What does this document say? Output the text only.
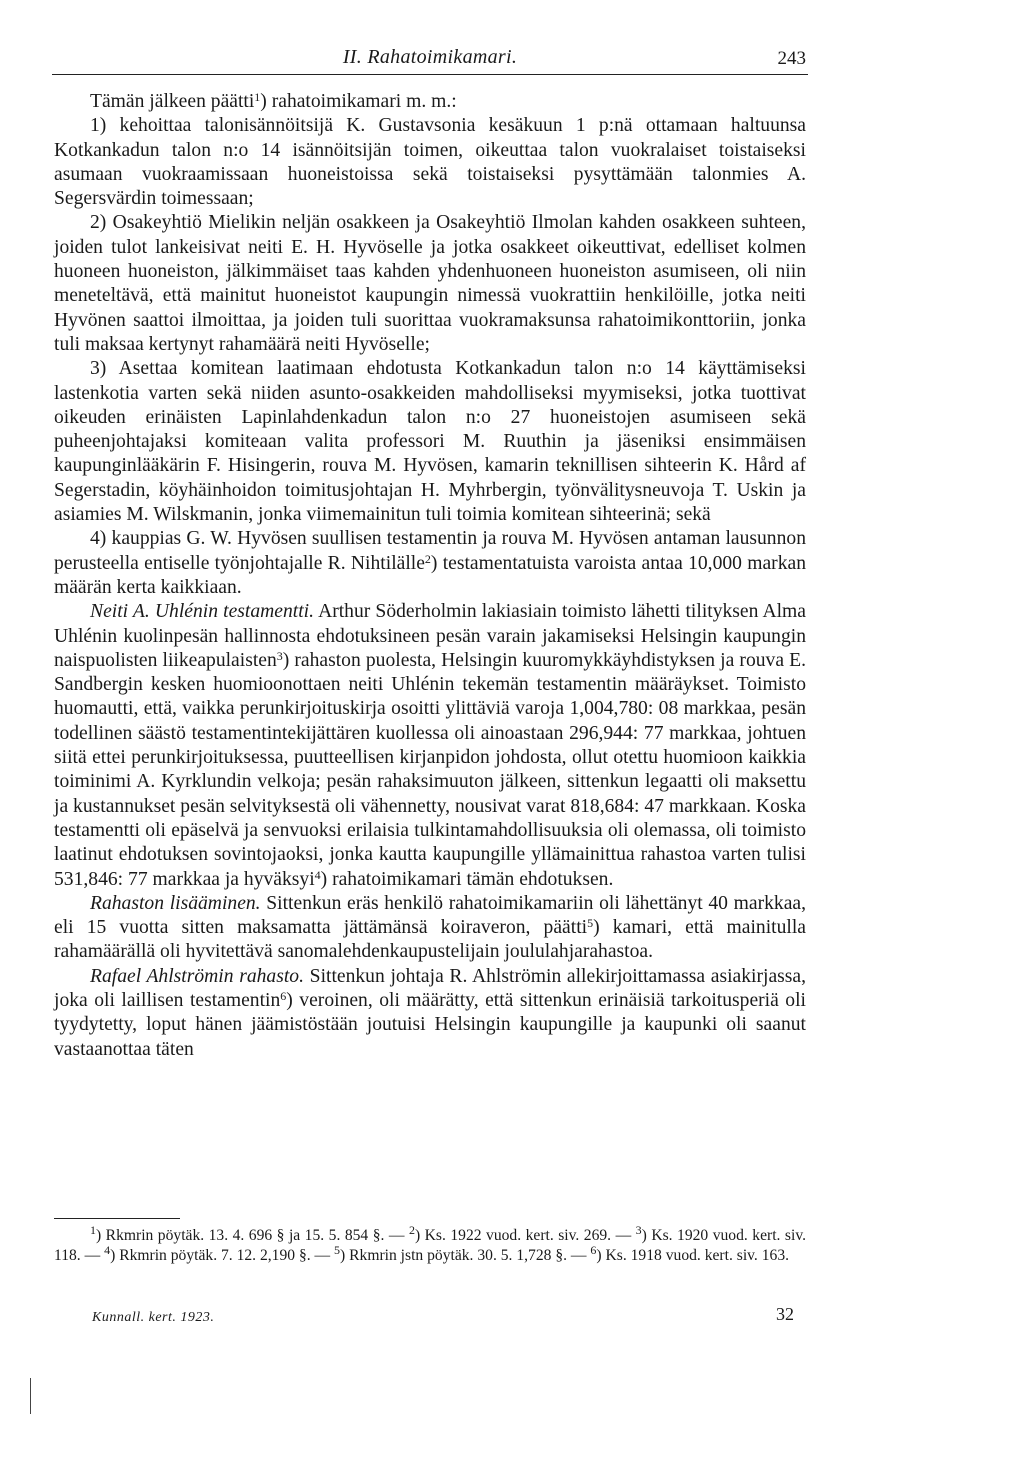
II. Rahatoimikamari.	243

Tämän jälkeen päätti$^1$) rahatoimikamari m. m.:

1) kehoittaa talonisännöitsijä K. Gustavsonia kesäkuun 1 p:nä ottamaan haltuunsa Kotkankadun talon n:o 14 isännöitsijän toimen, oikeuttaa talon vuokralaiset toistaiseksi asumaan vuokraamissaan huoneistoissa sekä toistaiseksi pysyttämään talonmies A. Segersvärdin toimessaan;

2) Osakeyhtiö Mielikin neljän osakkeen ja Osakeyhtiö Ilmolan kahden osakkeen suhteen, joiden tulot lankeisivat neiti E. H. Hyvöselle ja jotka osakkeet oikeuttivat, edelliset kolmen huoneen huoneiston, jälkimmäiset taas kahden yhdenhuoneen huoneiston asumiseen, oli niin meneteltävä, että mainitut huoneistot kaupungin nimessä vuokrattiin henkilöille, jotka neiti Hyvönen saattoi ilmoittaa, ja joiden tuli suorittaa vuokramaksunsa rahatoimikonttoriin, jonka tuli maksaa kertynyt rahamäärä neiti Hyvöselle;

3) Asettaa komitean laatimaan ehdotusta Kotkankadun talon n:o 14 käyttämiseksi lastenkotia varten sekä niiden asunto-osakkeiden mahdolliseksi myymiseksi, jotka tuottivat oikeuden erinäisten Lapinlahdenkadun talon n:o 27 huoneistojen asumiseen sekä puheenjohtajaksi komiteaan valita professori M. Ruuthin ja jäseniksi ensimmäisen kaupunginlääkärin F. Hisingerin, rouva M. Hyvösen, kamarin teknillisen sihteerin K. Hård af Segerstadin, köyhäinhoidon toimitusjohtajan H. Myhrbergin, työnvälitysneuvoja T. Uskin ja asiamies M. Wilskmanin, jonka viimemainitun tuli toimia komitean sihteerinä; sekä

4) kauppias G. W. Hyvösen suullisen testamentin ja rouva M. Hyvösen antaman lausunnon perusteella entiselle työnjohtajalle R. Nihtilälle$^2$) testamentatuista varoista antaa 10,000 markan määrän kerta kaikkiaan.

Neiti A. Uhlénin testamentti. Arthur Söderholmin lakiasiain toimisto lähetti tilityksen Alma Uhlénin kuolinpesän hallinnosta ehdotuksineen pesän varain jakamiseksi Helsingin kaupungin naispuolisten liikeapulaisten$^3$) rahaston puolesta, Helsingin kuuromykkäyhdistyksen ja rouva E. Sandbergin kesken huomioonottaen neiti Uhlénin tekemän testamentin määräykset. Toimisto huomautti, että, vaikka perunkirjoituskirja osoitti ylittäviä varoja 1,004,780: 08 markkaa, pesän todellinen säästö testamentintekijättären kuollessa oli ainoastaan 296,944: 77 markkaa, johtuen siitä ettei perunkirjoituksessa, puutteellisen kirjanpidon johdosta, ollut otettu huomioon kaikkia toiminimi A. Kyrklundin velkoja; pesän rahaksimuuton jälkeen, sittenkun legaatti oli maksettu ja kustannukset pesän selvityksestä oli vähennetty, nousivat varat 818,684: 47 markkaan. Koska testamentti oli epäselvä ja senvuoksi erilaisia tulkintamahdollisuuksia oli olemassa, oli toimisto laatinut ehdotuksen sovintojaoksi, jonka kautta kaupungille yllämainittua rahastoa varten tulisi 531,846: 77 markkaa ja hyväksyi$^4$) rahatoimikamari tämän ehdotuksen.

Rahaston lisääminen. Sittenkun eräs henkilö rahatoimikamariin oli lähettänyt 40 markkaa, eli 15 vuotta sitten maksamatta jättämänsä koiraveron, päätti$^5$) kamari, että mainitulla rahamäärällä oli hyvitettävä sanomalehdenkaupustelijain joululahjarahastoa.

Rafael Ahlströmin rahasto. Sittenkun johtaja R. Ahlströmin allekirjoittamassa asiakirjassa, joka oli laillisen testamentin$^6$) veroinen, oli määrätty, että sittenkun erinäisiä tarkoitusperiä oli tyydytetty, loput hänen jäämistöstään joutuisi Helsingin kaupungille ja kaupunki oli saanut vastaanottaa täten

$^1$) Rkmrin pöytäk. 13. 4. 696 § ja 15. 5. 854 §. — $^2$) Ks. 1922 vuod. kert. siv. 269. — $^3$) Ks. 1920 vuod. kert. siv. 118. — $^4$) Rkmrin pöytäk. 7. 12. 2,190 §. — $^5$) Rkmrin jstn pöytäk. 30. 5. 1,728 §. — $^6$) Ks. 1918 vuod. kert. siv. 163.

Kunnall. kert. 1923.	32
